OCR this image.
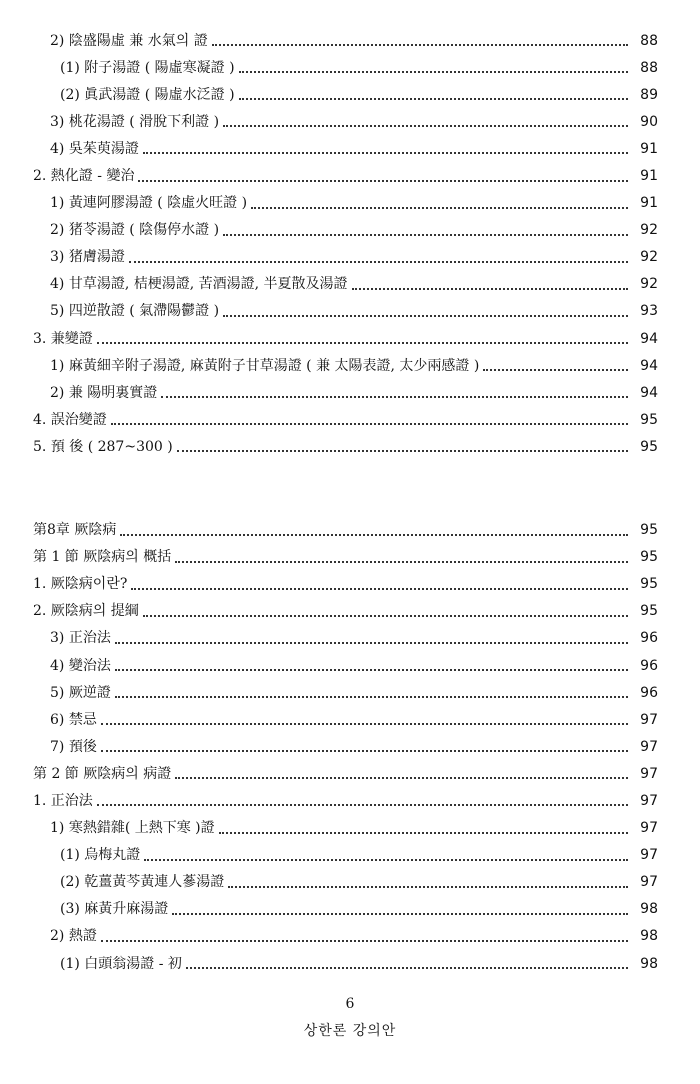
2) 陰盛陽虛 兼 水氣의 證	88
(1) 附子湯證 ( 陽虛寒凝證 )	88
(2) 眞武湯證 ( 陽虛水泛證 )	89
3) 桃花湯證 ( 滑脫下利證 )	90
4) 吳茱萸湯證	91
2. 熱化證 - 變治	91
1) 黃連阿膠湯證 ( 陰虛火旺證 )	91
2) 猪苓湯證 ( 陰傷停水證 )	92
3) 猪膚湯證	92
4) 甘草湯證, 桔梗湯證, 苦酒湯證, 半夏散及湯證	92
5) 四逆散證 ( 氣滯陽鬱證 )	93
3. 兼變證	94
1) 麻黃細辛附子湯證, 麻黃附子甘草湯證 ( 兼 太陽表證, 太少兩感證 )	94
2) 兼 陽明裏實證	94
4. 誤治變證	95
5. 預 後 ( 287~300 )	95
第8章 厥陰病	95
第 1 節 厥陰病의 概括	95
1. 厥陰病이란?	95
2. 厥陰病의 提綱	95
3) 正治法	96
4) 變治法	96
5) 厥逆證	96
6) 禁忌	97
7) 預後	97
第 2 節 厥陰病의 病證	97
1. 正治法	97
1) 寒熱錯雜( 上熱下寒 )證	97
(1) 烏梅丸證	97
(2) 乾薑黃芩黃連人蔘湯證	97
(3) 麻黃升麻湯證	98
2) 熱證	98
(1) 白頭翁湯證 - 初	98
6
상한론 강의안
